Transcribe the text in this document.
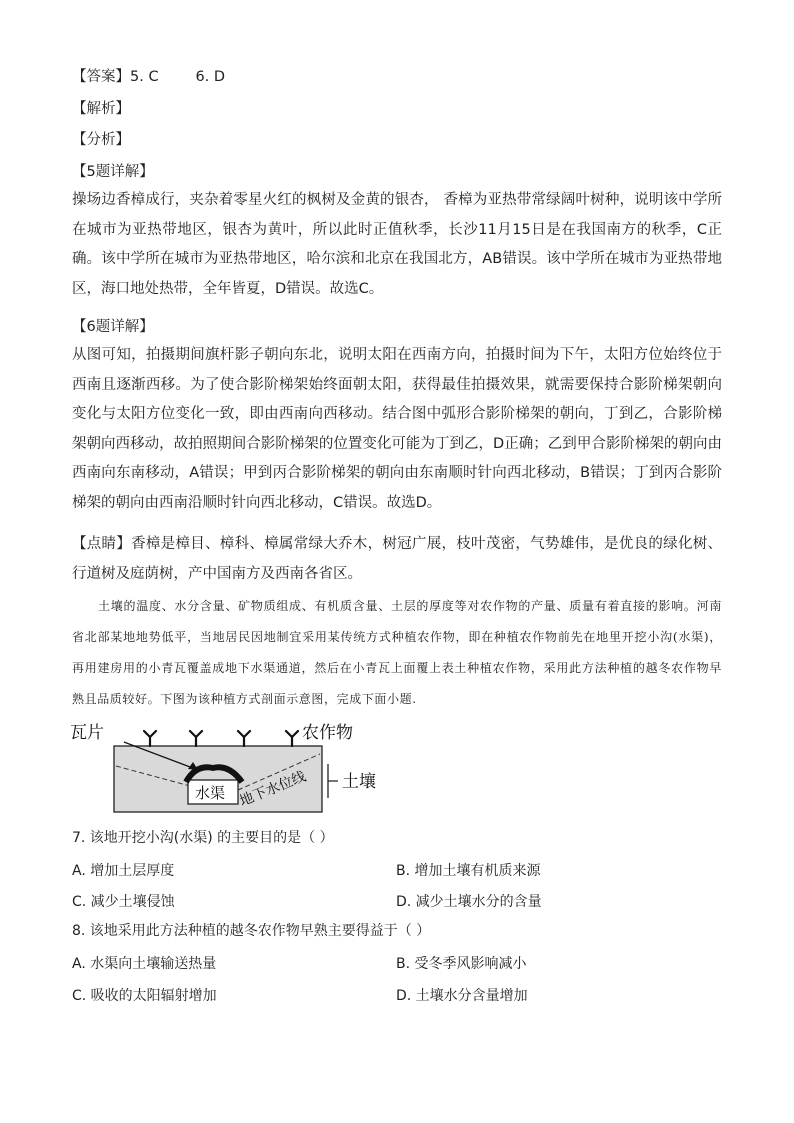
【答案】5. C        6. D
【解析】
【分析】
【5题详解】
操场边香樟成行，夹杂着零星火红的枫树及金黄的银杏， 香樟为亚热带常绿阔叶树种，说明该中学所在城市为亚热带地区，银杏为黄叶，所以此时正值秋季，长沙11月15日是在我国南方的秋季，C正确。该中学所在城市为亚热带地区，哈尔滨和北京在我国北方，AB错误。该中学所在城市为亚热带地区，海口地处热带，全年皆夏，D错误。故选C。
【6题详解】
从图可知，拍摄期间旗杆影子朝向东北，说明太阳在西南方向，拍摄时间为下午，太阳方位始终位于西南且逐渐西移。为了使合影阶梯架始终面朝太阳，获得最佳拍摄效果，就需要保持合影阶梯架朝向变化与太阳方位变化一致，即由西南向西移动。结合图中弧形合影阶梯架的朝向，丁到乙，合影阶梯架朝向西移动，故拍照期间合影阶梯架的位置变化可能为丁到乙，D正确；乙到甲合影阶梯架的朝向由西南向东南移动，A错误；甲到丙合影阶梯架的朝向由东南顺时针向西北移动，B错误；丁到丙合影阶梯架的朝向由西南沿顺时针向西北移动，C错误。故选D。
【点睛】香樟是樟目、樟科、樟属常绿大乔木，树冠广展，枝叶茂密，气势雄伟，是优良的绿化树、行道树及庭荫树，产中国南方及西南各省区。
土壤的温度、水分含量、矿物质组成、有机质含量、土层的厚度等对农作物的产量、质量有着直接的影响。河南省北部某地地势低平，当地居民因地制宜采用某传统方式种植农作物，即在种植农作物前先在地里开挖小沟(水渠)，再用建房用的小青瓦覆盖成地下水渠通道，然后在小青瓦上面覆上表土种植农作物，采用此方法种植的越冬农作物早熟且品质较好。下图为该种植方式剖面示意图，完成下面小题.
瓦片	农作物
水渠 地下水位线 土壤
7. 该地开挖小沟(水渠) 的主要目的是（ ）
A. 增加土层厚度	B. 增加土壤有机质来源
C. 减少土壤侵蚀	D. 减少土壤水分的含量
8. 该地采用此方法种植的越冬农作物早熟主要得益于（ ）
A. 水渠向土壤输送热量	B. 受冬季风影响减小
C. 吸收的太阳辐射增加	D. 土壤水分含量增加
